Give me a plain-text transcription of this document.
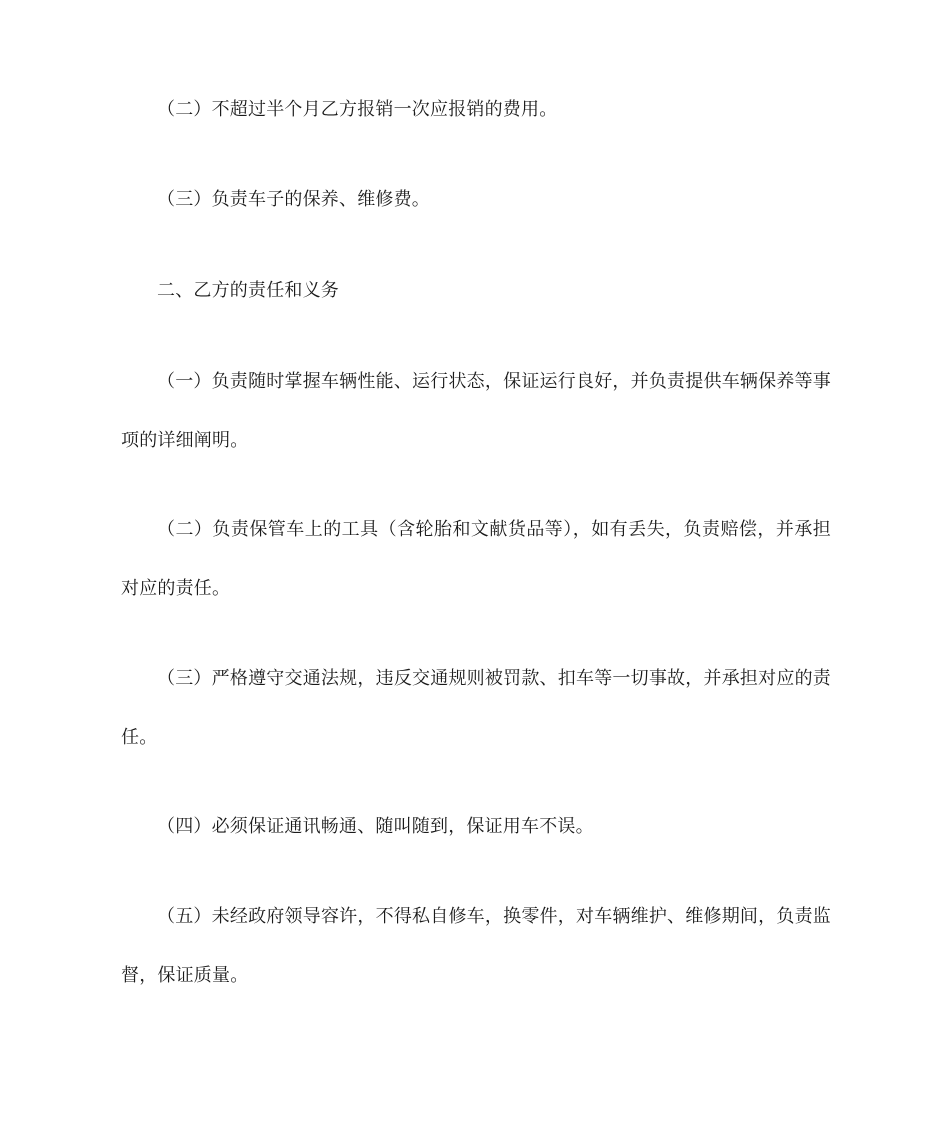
（二）不超过半个月乙方报销一次应报销的费用。

（三）负责车子的保养、维修费。

二、乙方的责任和义务

（一）负责随时掌握车辆性能、运行状态，保证运行良好，并负责提供车辆保养等事项的详细阐明。

（二）负责保管车上的工具（含轮胎和文献货品等），如有丢失，负责赔偿，并承担对应的责任。

（三）严格遵守交通法规，违反交通规则被罚款、扣车等一切事故，并承担对应的责任。

（四）必须保证通讯畅通、随叫随到，保证用车不误。

（五）未经政府领导容许，不得私自修车，换零件，对车辆维护、维修期间，负责监督，保证质量。
